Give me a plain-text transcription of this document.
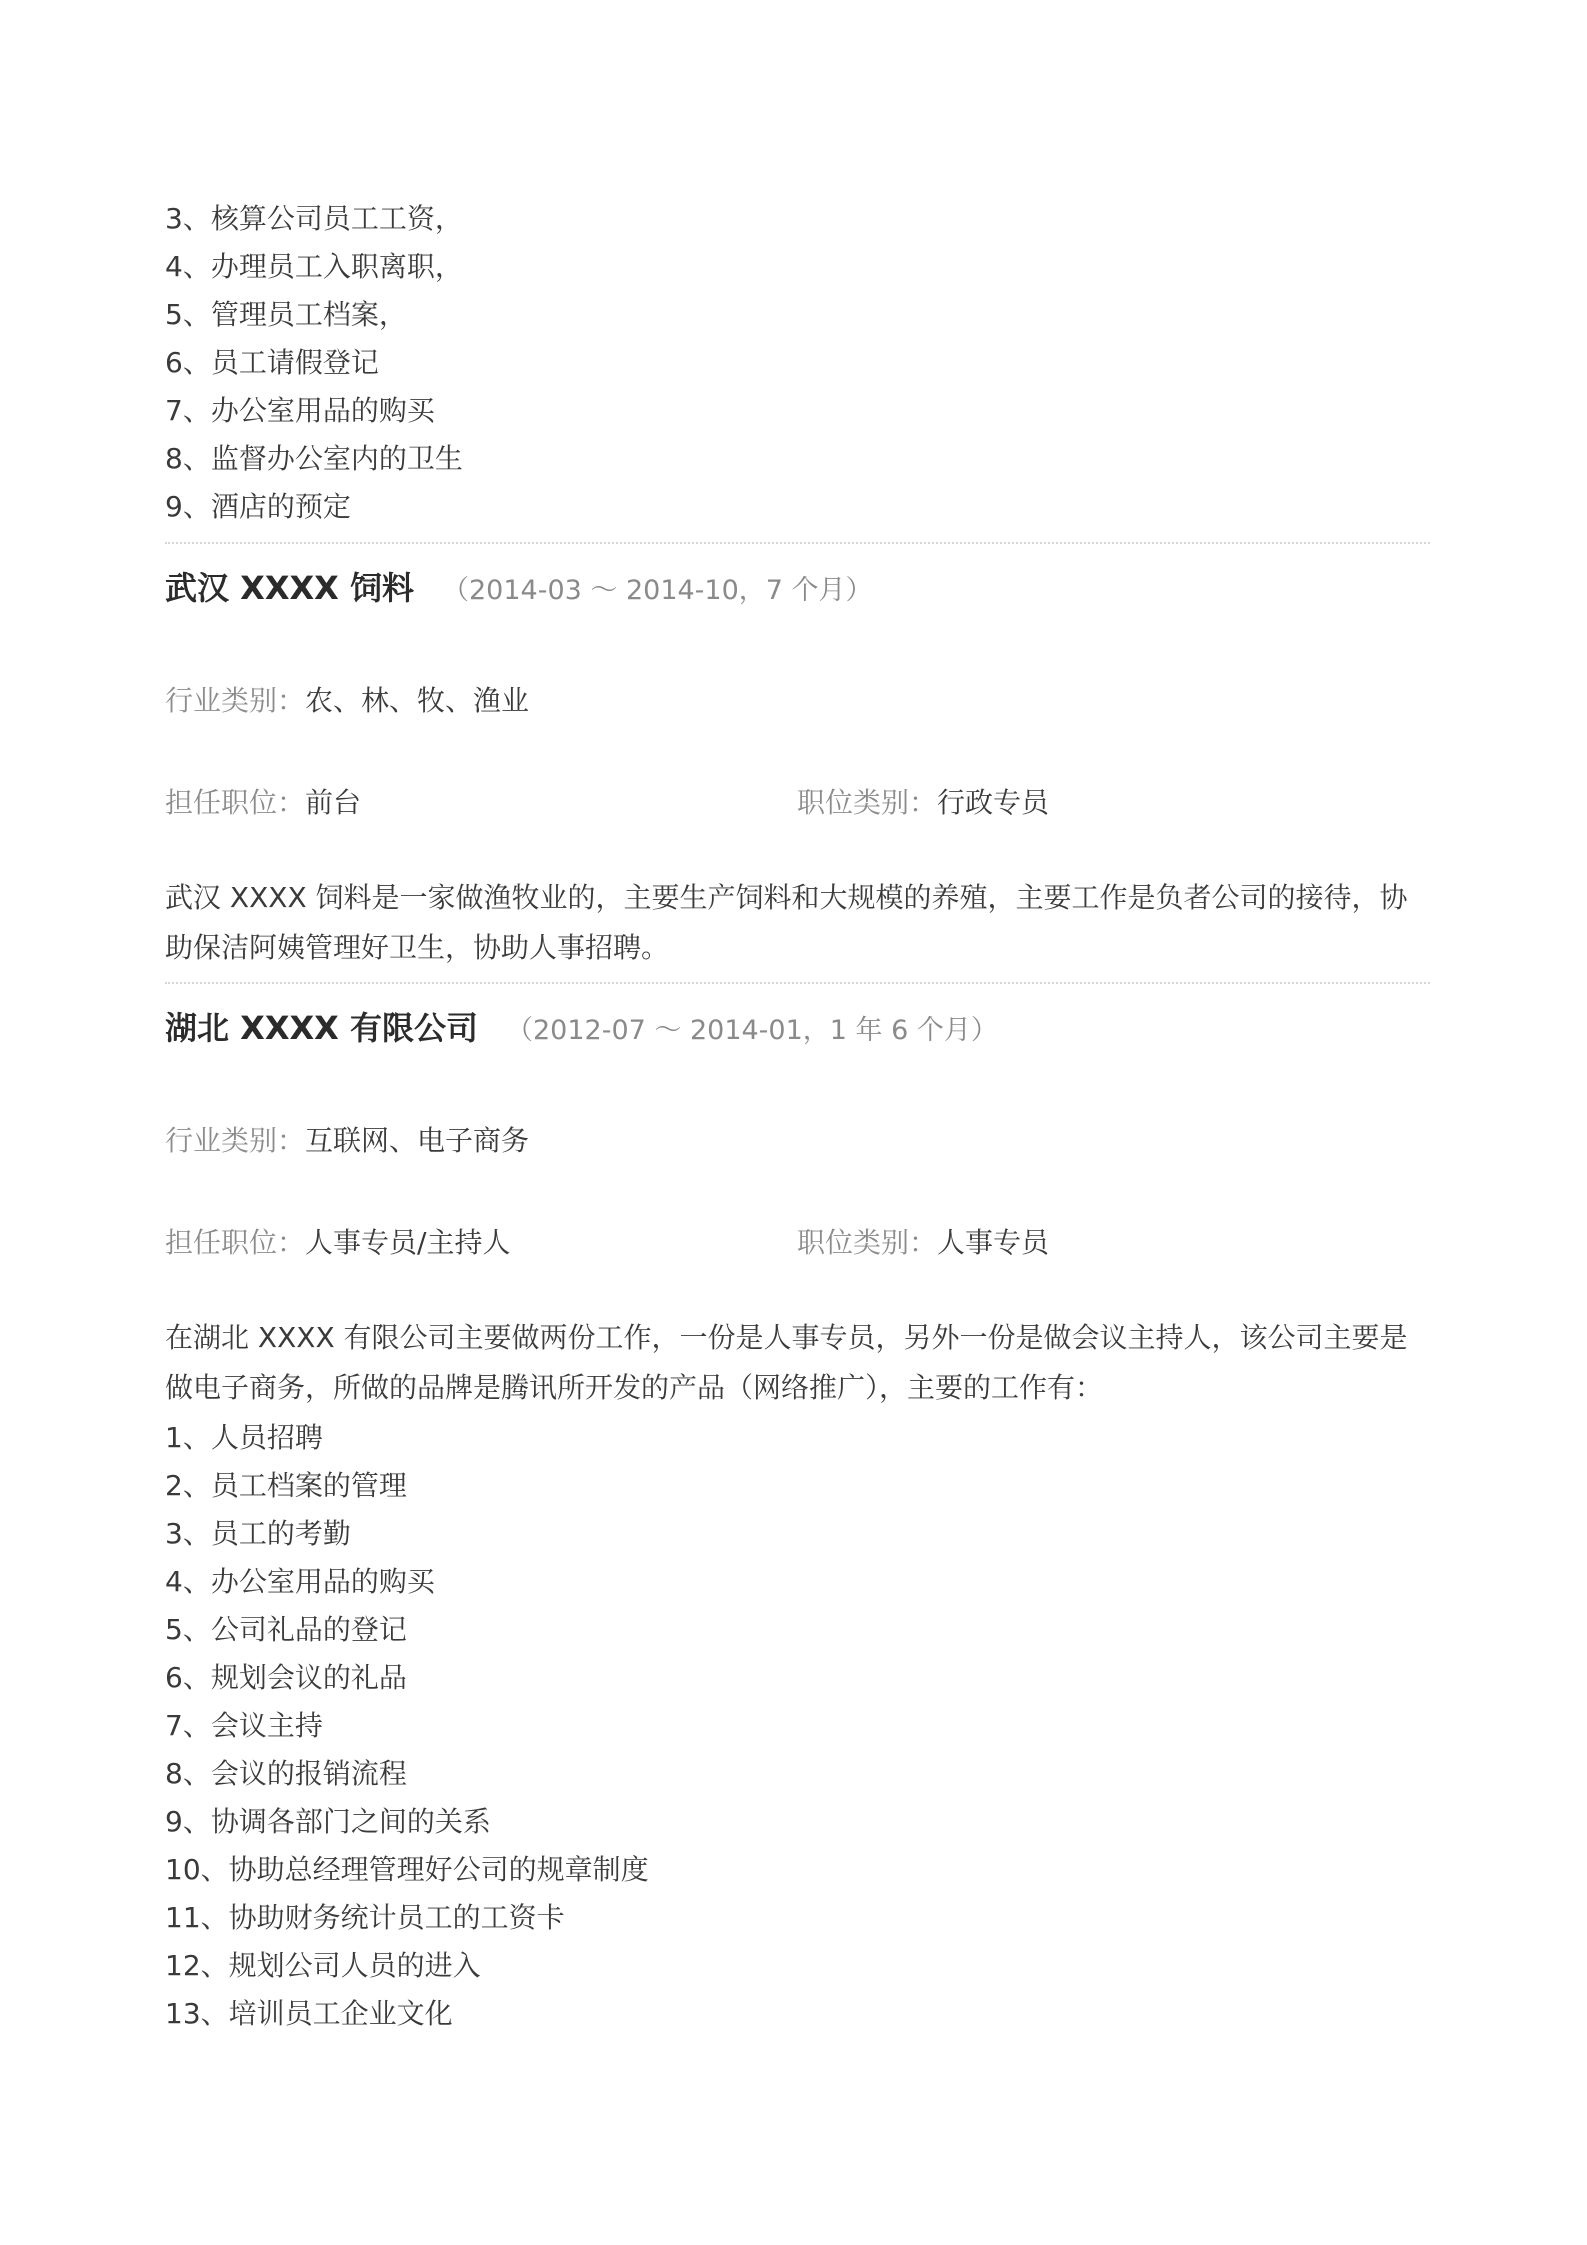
3、核算公司员工工资，
4、办理员工入职离职，
5、管理员工档案，
6、员工请假登记
7、办公室用品的购买
8、监督办公室内的卫生
9、酒店的预定
武汉 XXXX 饲料 （2014-03 ～ 2014-10，7 个月）
行业类别： 农、林、牧、渔业
担任职位： 前台	职位类别： 行政专员
武汉 XXXX 饲料是一家做渔牧业的，主要生产饲料和大规模的养殖，主要工作是负者公司的接待，协
助保洁阿姨管理好卫生，协助人事招聘。
湖北 XXXX 有限公司 （2012-07 ～ 2014-01，1 年 6 个月）
行业类别： 互联网、电子商务
担任职位： 人事专员/主持人	职位类别： 人事专员
在湖北 XXXX 有限公司主要做两份工作，一份是人事专员，另外一份是做会议主持人，该公司主要是
做电子商务，所做的品牌是腾讯所开发的产品（网络推广），主要的工作有：
1、人员招聘
2、员工档案的管理
3、员工的考勤
4、办公室用品的购买
5、公司礼品的登记
6、规划会议的礼品
7、会议主持
8、会议的报销流程
9、协调各部门之间的关系
10、协助总经理管理好公司的规章制度
11、协助财务统计员工的工资卡
12、规划公司人员的进入
13、培训员工企业文化
